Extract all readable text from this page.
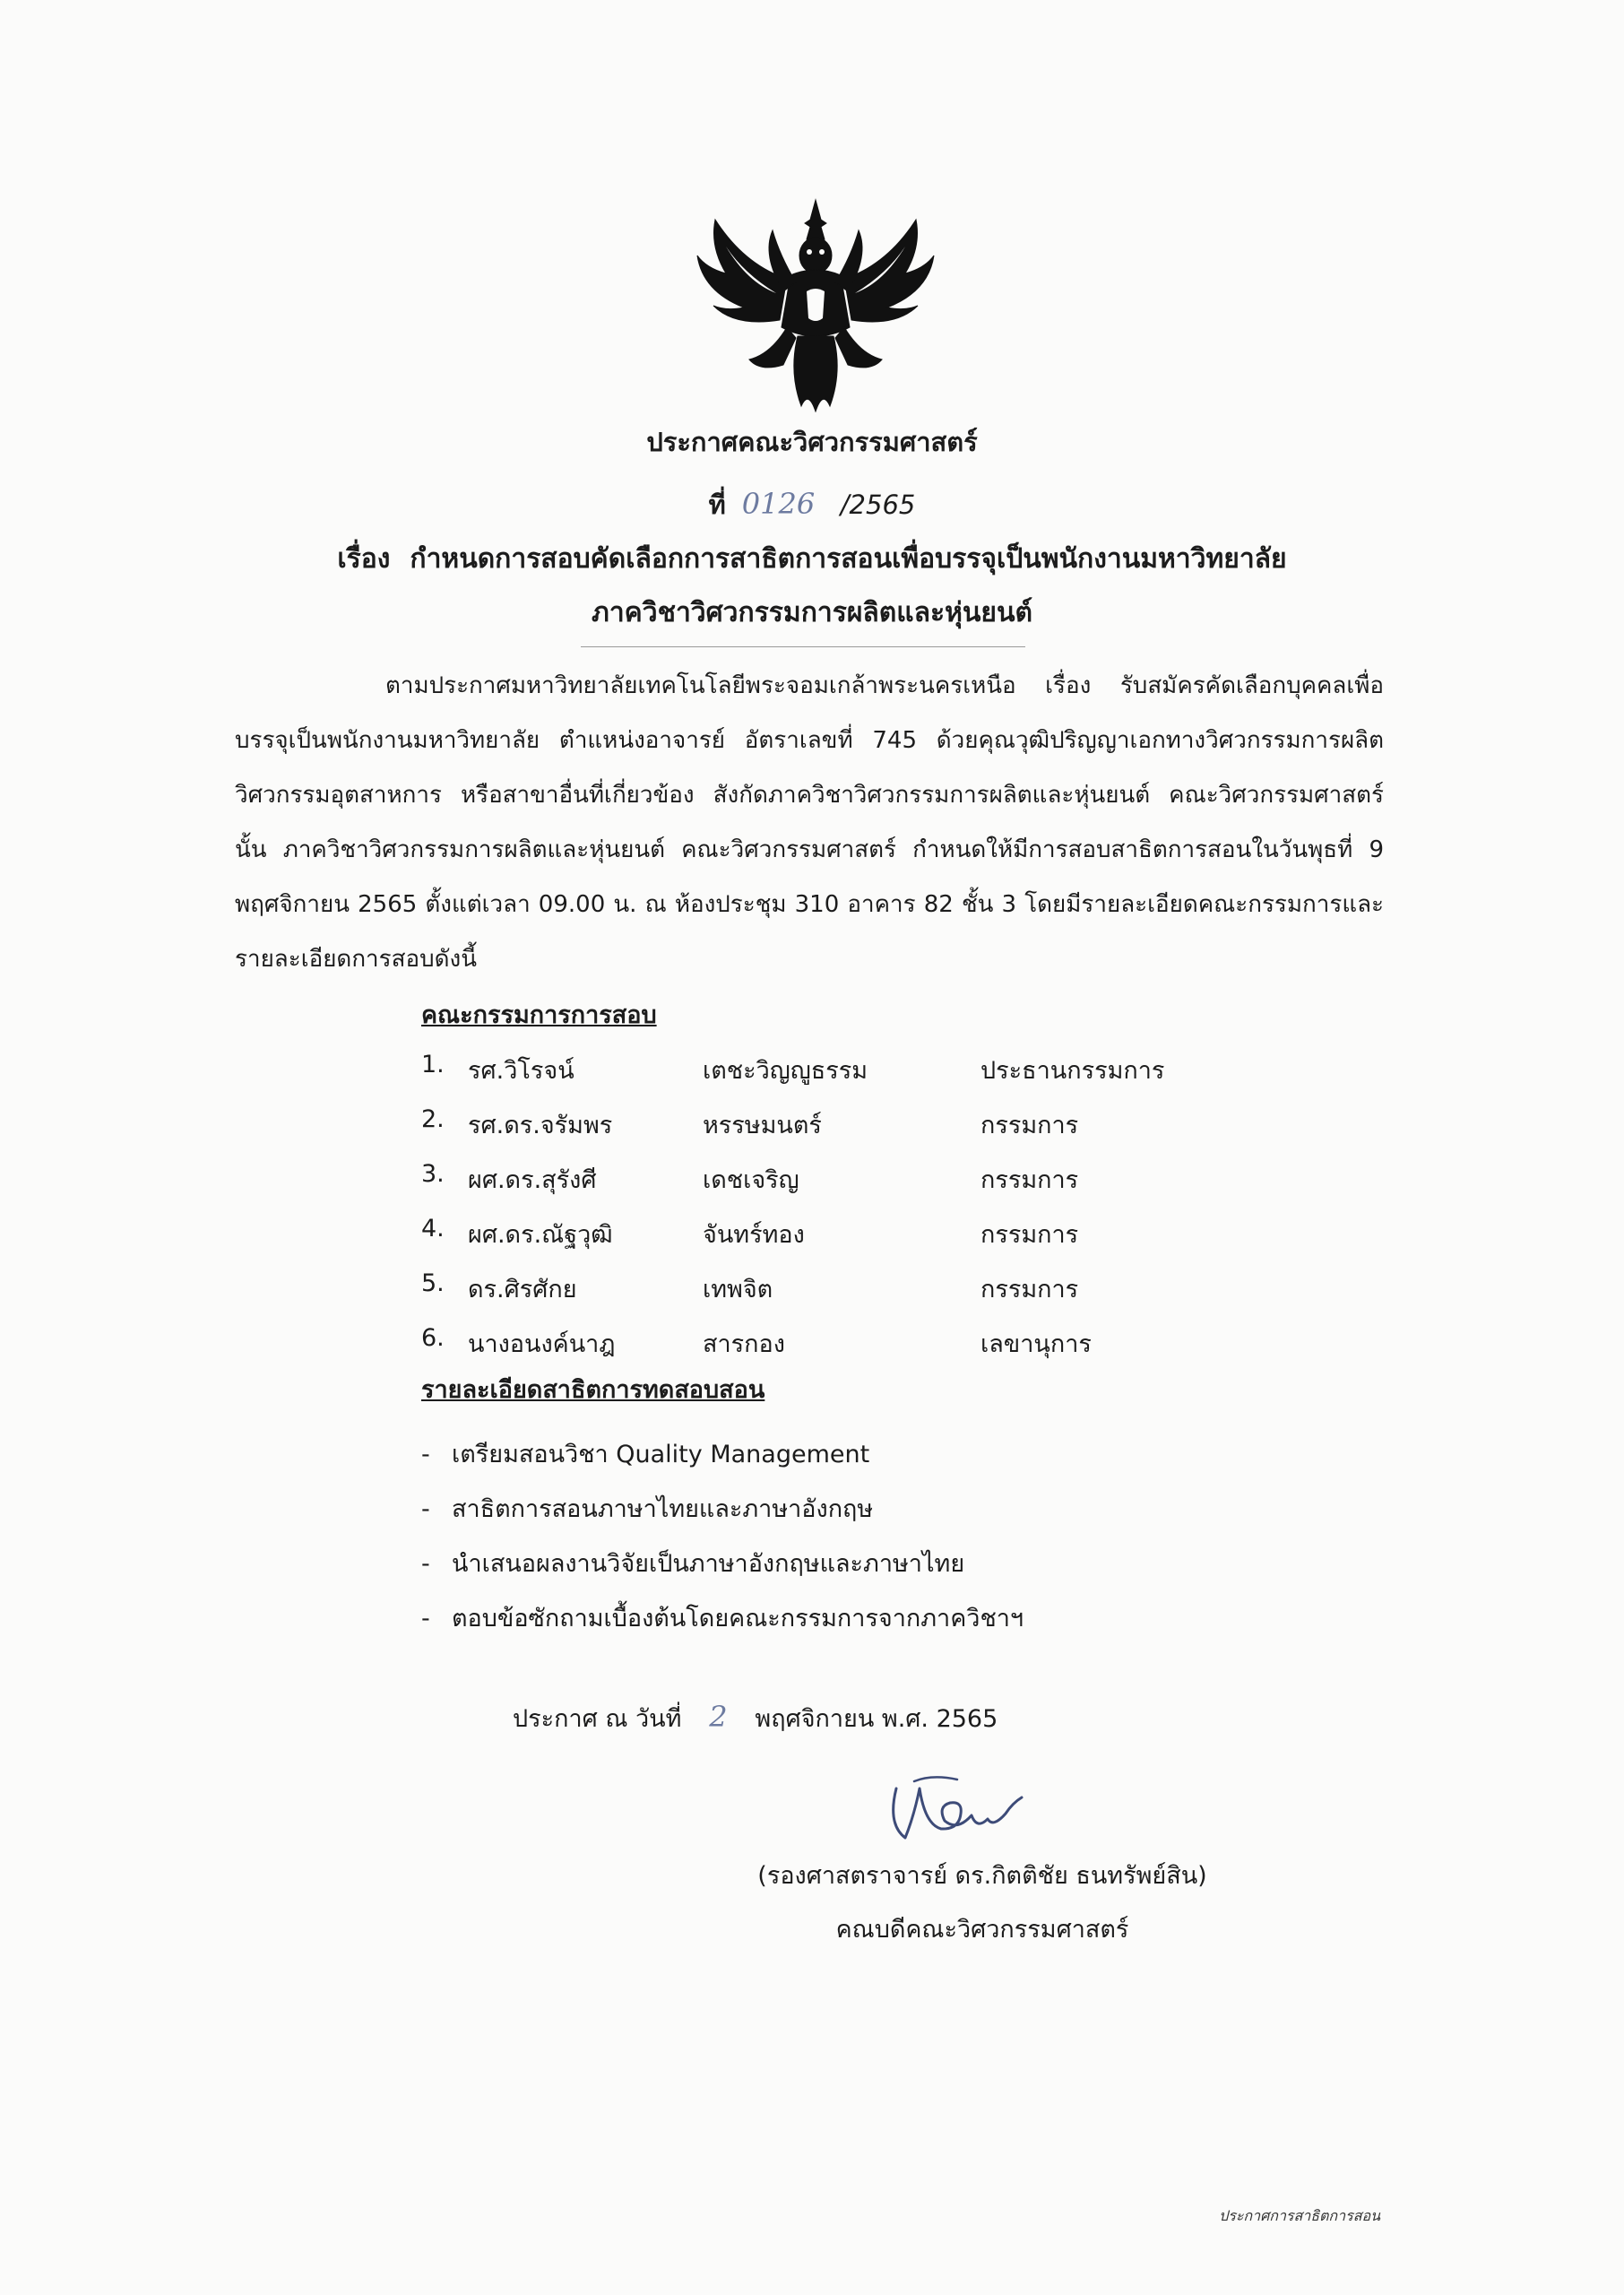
ประกาศคณะวิศวกรรมศาสตร์
ที่ 0126 /2565
เรื่อง กำหนดการสอบคัดเลือกการสาธิตการสอนเพื่อบรรจุเป็นพนักงานมหาวิทยาลัย
ภาควิชาวิศวกรรมการผลิตและหุ่นยนต์
ตามประกาศมหาวิทยาลัยเทคโนโลยีพระจอมเกล้าพระนครเหนือ เรื่อง รับสมัครคัดเลือกบุคคลเพื่อบรรจุเป็นพนักงานมหาวิทยาลัย ตำแหน่งอาจารย์ อัตราเลขที่ 745 ด้วยคุณวุฒิปริญญาเอกทางวิศวกรรมการผลิต วิศวกรรมอุตสาหการ หรือสาขาอื่นที่เกี่ยวข้อง สังกัดภาควิชาวิศวกรรมการผลิตและหุ่นยนต์ คณะวิศวกรรมศาสตร์ นั้น ภาควิชาวิศวกรรมการผลิตและหุ่นยนต์ คณะวิศวกรรมศาสตร์ กำหนดให้มีการสอบสาธิตการสอนในวันพุธที่ 9 พฤศจิกายน 2565 ตั้งแต่เวลา 09.00 น. ณ ห้องประชุม 310 อาคาร 82 ชั้น 3 โดยมีรายละเอียดคณะกรรมการและรายละเอียดการสอบดังนี้
คณะกรรมการการสอบ
1. รศ.วิโรจน์	เตชะวิญญูธรรม	ประธานกรรมการ
2. รศ.ดร.จรัมพร	หรรษมนตร์	กรรมการ
3. ผศ.ดร.สุรังศี	เดชเจริญ	กรรมการ
4. ผศ.ดร.ณัฐวุฒิ	จันทร์ทอง	กรรมการ
5. ดร.ศิรศักย	เทพจิต	กรรมการ
6. นางอนงค์นาฎ	สารกอง	เลขานุการ
รายละเอียดสาธิตการทดสอบสอน
- เตรียมสอนวิชา Quality Management
- สาธิตการสอนภาษาไทยและภาษาอังกฤษ
- นำเสนอผลงานวิจัยเป็นภาษาอังกฤษและภาษาไทย
- ตอบข้อซักถามเบื้องต้นโดยคณะกรรมการจากภาควิชาฯ
ประกาศ ณ วันที่ 2 พฤศจิกายน พ.ศ. 2565
(รองศาสตราจารย์ ดร.กิตติชัย ธนทรัพย์สิน)
คณบดีคณะวิศวกรรมศาสตร์
ประกาศการสาธิตการสอน
